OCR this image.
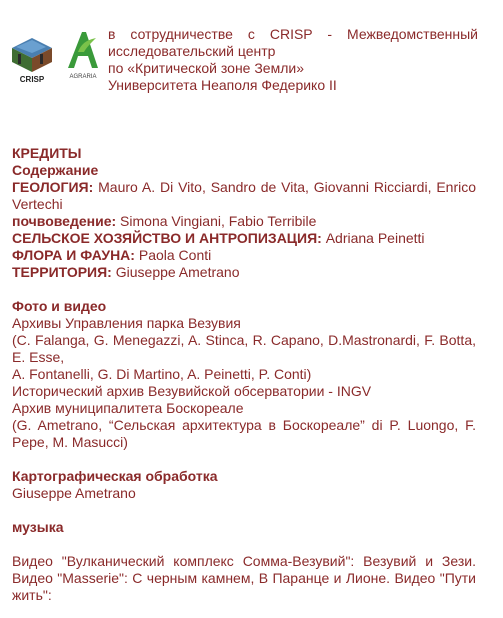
CRISP	AGRARIA
в сотрудничестве с CRISP - Межведомственный
исследовательский центр
по «Критической зоне Земли»
Университета Неаполя Федерико II

КРЕДИТЫ

Содержание

ГЕОЛОГИЯ: Mauro A. Di Vito, Sandro de Vita, Giovanni Ricciardi, Enrico Vertechi

почвоведение: Simona Vingiani, Fabio Terribile

СЕЛЬСКОЕ ХОЗЯЙСТВО И АНТРОПИЗАЦИЯ: Adriana Peinetti

ФЛОРА И ФАУНА: Paola Conti

ТЕРРИТОРИЯ: Giuseppe Ametrano

Фото и видео

Архивы Управления парка Везувия

(C. Falanga, G. Menegazzi, A. Stinca, R. Capano, D.Mastronardi, F. Botta, E. Esse,

A. Fontanelli, G. Di Martino, A. Peinetti, P. Conti)

Исторический архив Везувийской обсерватории - INGV

Архив муниципалитета Боскореале

(G. Ametrano, “Сельская архитектура в Боскореале” di P. Luongo, F. Pepe, M. Masucci)

Картографическая обработка

Giuseppe Ametrano

музыка

Видео "Вулканический комплекс Сомма-Везувий": Везувий и Зези. Видео "Masserie": С черным камнем, В Паранце и Лионе. Видео "Пути жить":
